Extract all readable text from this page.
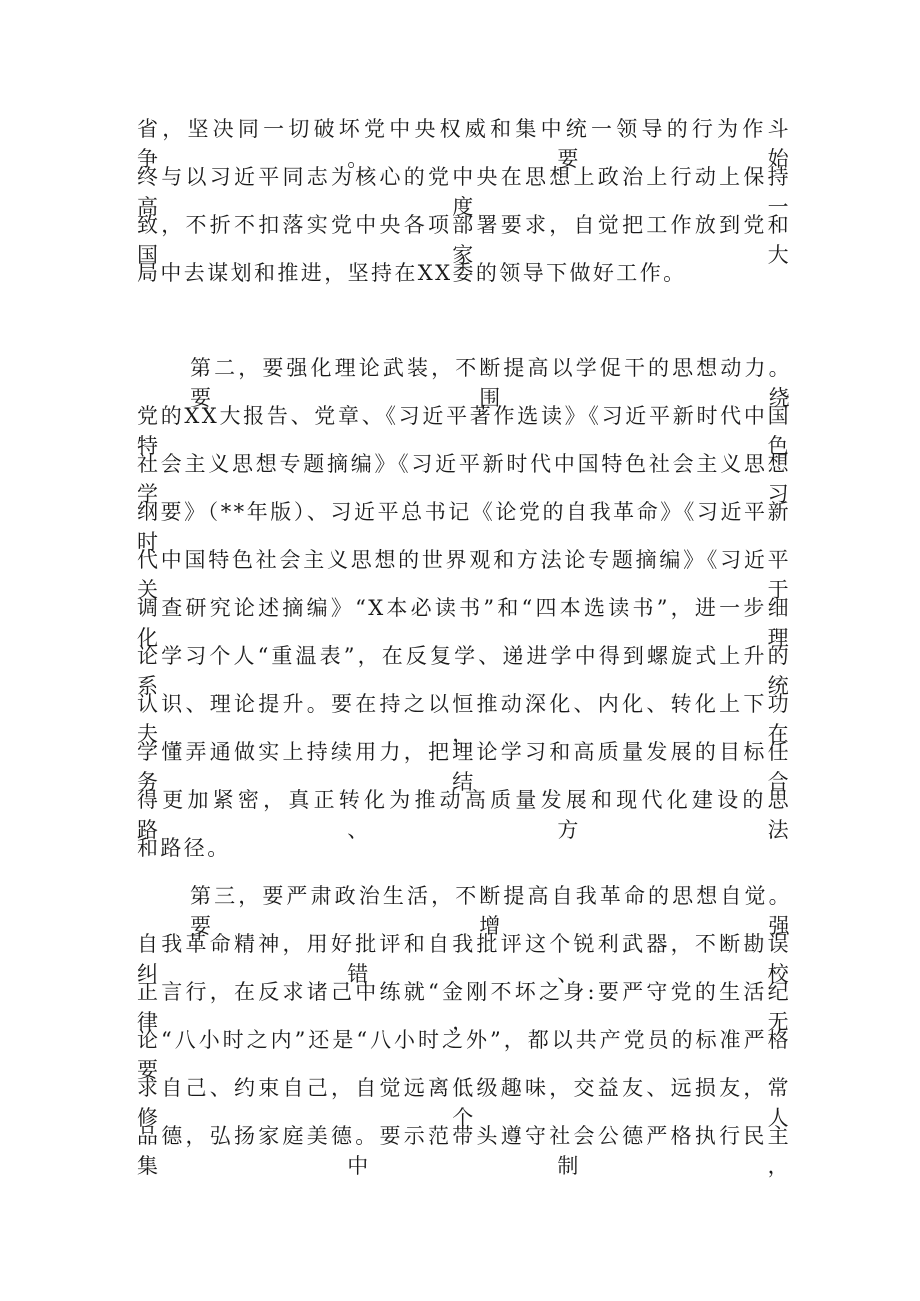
省，坚决同一切破坏党中央权威和集中统一领导的行为作斗争。要始
终与以习近平同志为核心的党中央在思想上政治上行动上保持高度一
致，不折不扣落实党中央各项部署要求，自觉把工作放到党和国家大
局中去谋划和推进，坚持在XX委的领导下做好工作。
第二，要强化理论武装，不断提高以学促干的思想动力。要围绕
党的XX大报告、党章、《习近平著作选读》《习近平新时代中国特色
社会主义思想专题摘编》《习近平新时代中国特色社会主义思想学习
纲要》（**年版）、习近平总书记《论党的自我革命》《习近平新时
代中国特色社会主义思想的世界观和方法论专题摘编》《习近平关于
调查研究论述摘编》“X本必读书”和“四本选读书”，进一步细化理
论学习个人“重温表”，在反复学、递进学中得到螺旋式上升的系统
认识、理论提升。要在持之以恒推动深化、内化、转化上下功夫，在
学懂弄通做实上持续用力，把理论学习和高质量发展的目标任务结合
得更加紧密，真正转化为推动高质量发展和现代化建设的思路、方法
和路径。
第三，要严肃政治生活，不断提高自我革命的思想自觉。要增强
自我革命精神，用好批评和自我批评这个锐利武器，不断勘误纠错、校
正言行，在反求诸己中练就“金刚不坏之身:要严守党的生活纪律，无
论“八小时之内”还是“八小时之外”，都以共产党员的标准严格要
求自己、约束自己，自觉远离低级趣味，交益友、远损友，常修个人
品德，弘扬家庭美德。要示范带头遵守社会公德严格执行民主集中制，
